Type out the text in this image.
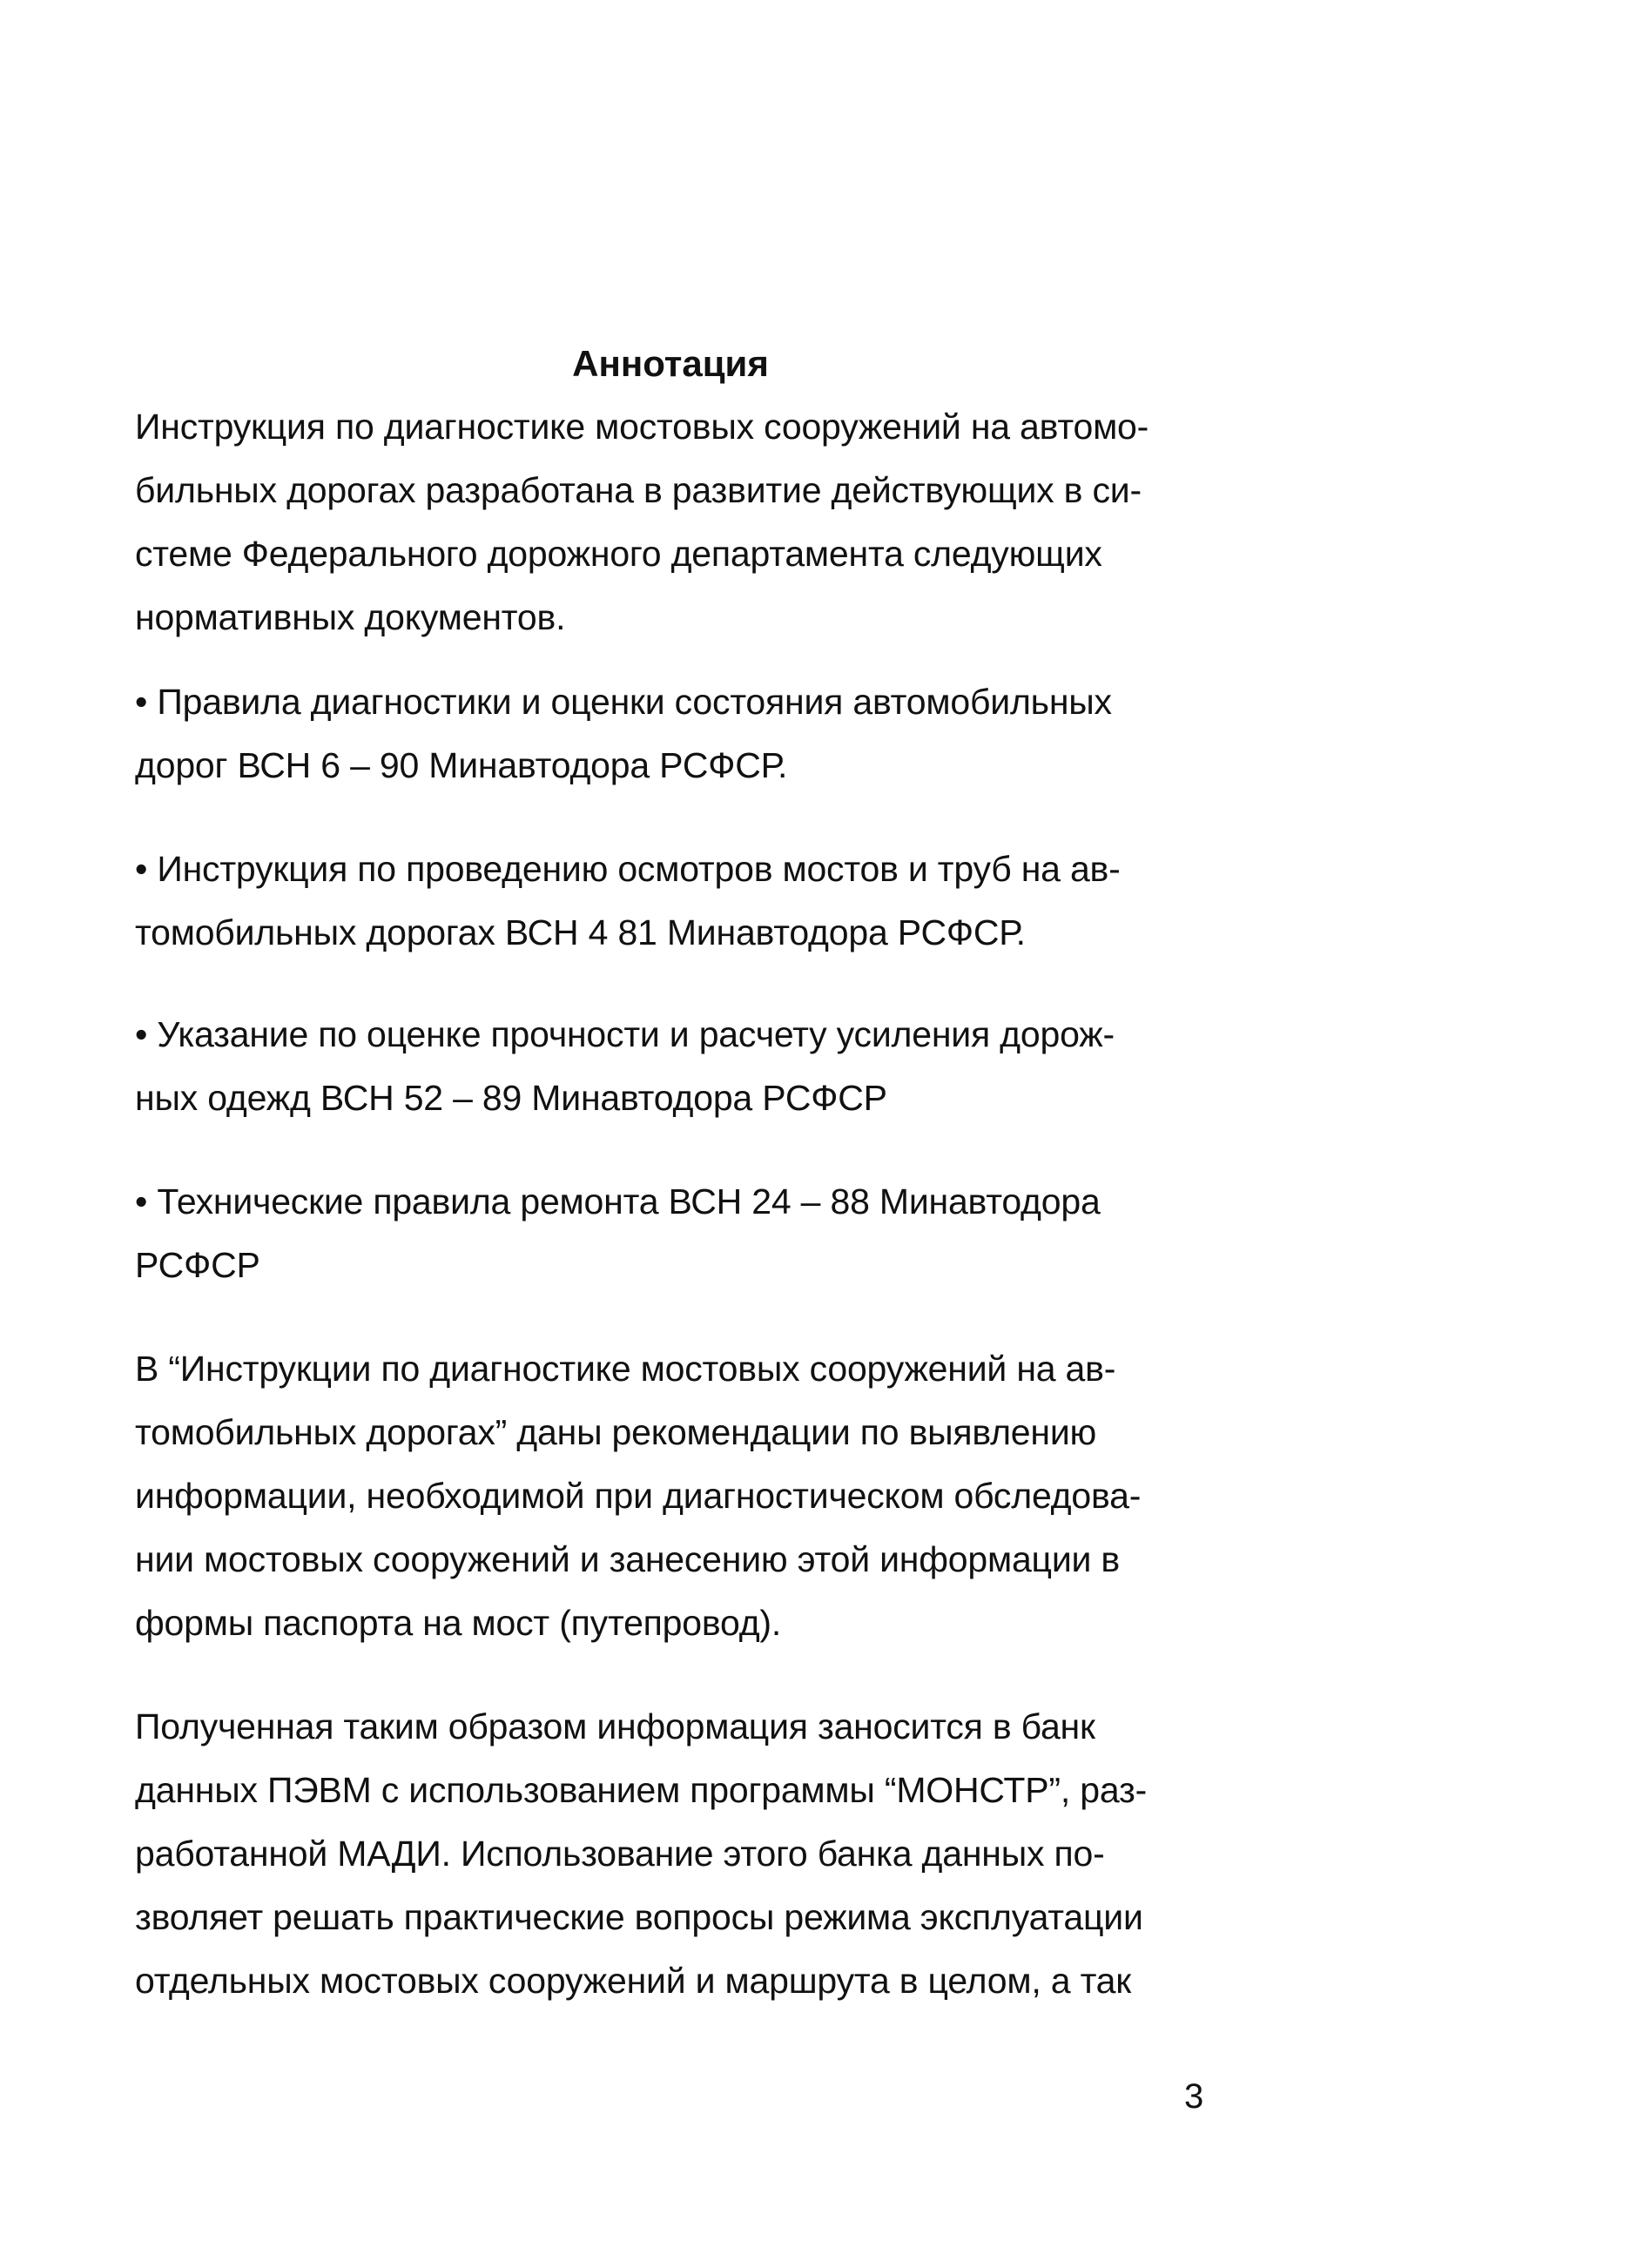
Аннотация
Инструкция по диагностике мостовых сооружений на автомо-
бильных дорогах разработана в развитие действующих в си-
стеме Федерального дорожного департамента следующих
нормативных документов.
• Правила диагностики и оценки состояния автомобильных
дорог ВСН 6 – 90 Минавтодора РСФСР.
• Инструкция по проведению осмотров мостов и труб на ав-
томобильных дорогах ВСН 4 81 Минавтодора РСФСР.
• Указание по оценке прочности и расчету усиления дорож-
ных одежд ВСН 52 – 89 Минавтодора РСФСР
• Технические правила ремонта ВСН 24 – 88 Минавтодора
РСФСР
В “Инструкции по диагностике мостовых сооружений на ав-
томобильных дорогах” даны рекомендации по выявлению
информации, необходимой при диагностическом обследова-
нии мостовых сооружений и занесению этой информации в
формы паспорта на мост (путепровод).
Полученная таким образом информация заносится в банк
данных ПЭВМ с использованием программы “МОНСТР”, раз-
работанной МАДИ. Использование этого банка данных по-
зволяет решать практические вопросы режима эксплуатации
отдельных мостовых сооружений и маршрута в целом, а так
3
